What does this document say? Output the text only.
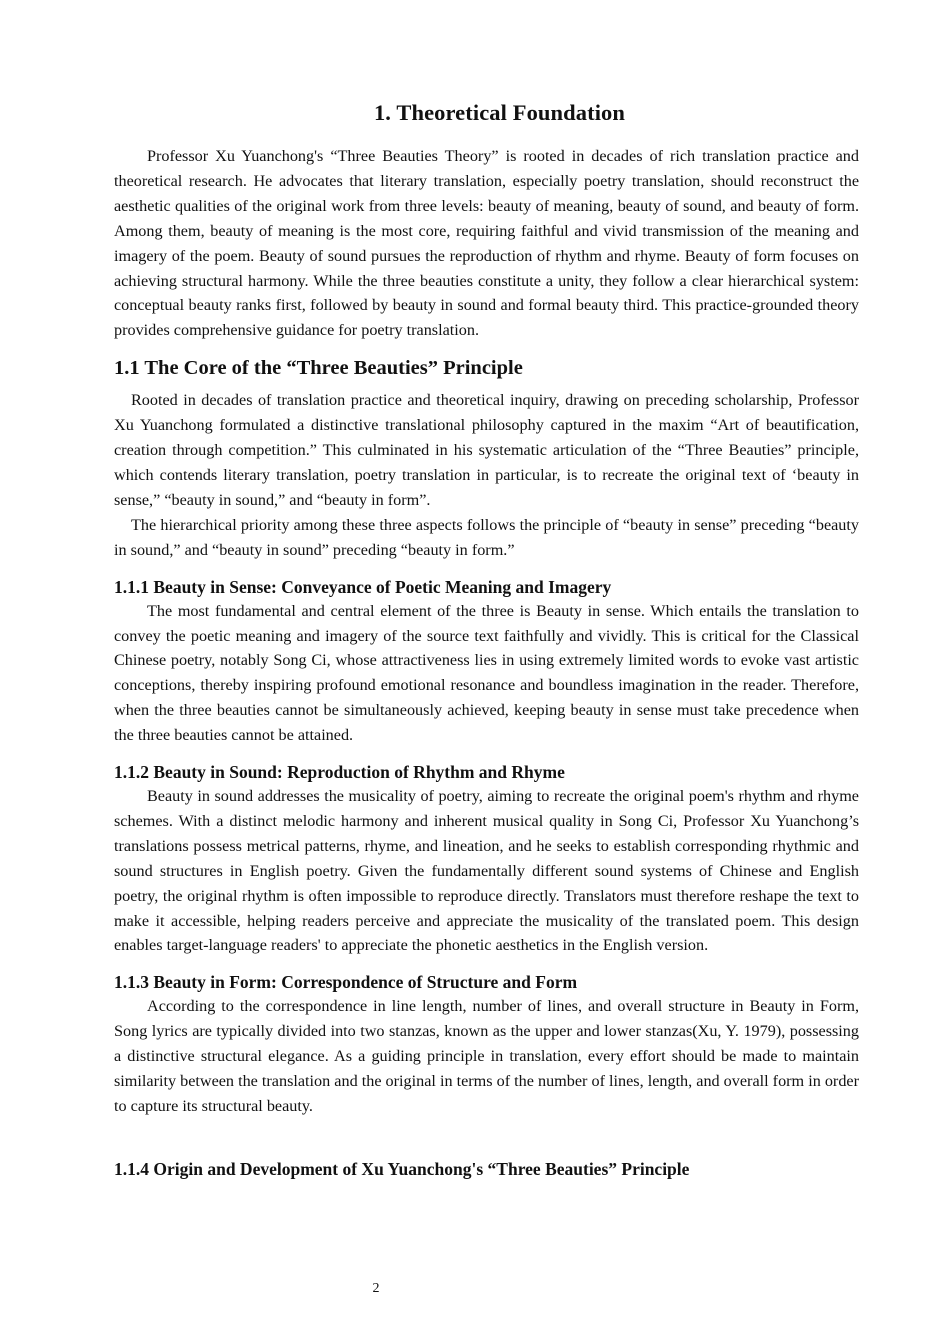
1. Theoretical Foundation

Professor Xu Yuanchong's “Three Beauties Theory” is rooted in decades of rich translation practice and theoretical research. He advocates that literary translation, especially poetry translation, should reconstruct the aesthetic qualities of the original work from three levels: beauty of meaning, beauty of sound, and beauty of form. Among them, beauty of meaning is the most core, requiring faithful and vivid transmission of the meaning and imagery of the poem. Beauty of sound pursues the reproduction of rhythm and rhyme. Beauty of form focuses on achieving structural harmony. While the three beauties constitute a unity, they follow a clear hierarchical system: conceptual beauty ranks first, followed by beauty in sound and formal beauty third. This practice-grounded theory provides comprehensive guidance for poetry translation.

1.1 The Core of the “Three Beauties” Principle

Rooted in decades of translation practice and theoretical inquiry, drawing on preceding scholarship, Professor Xu Yuanchong formulated a distinctive translational philosophy captured in the maxim “Art of beautification, creation through competition.” This culminated in his systematic articulation of the “Three Beauties” principle, which contends literary translation, poetry translation in particular, is to recreate the original text of ‘beauty in sense,” “beauty in sound,” and “beauty in form”.

The hierarchical priority among these three aspects follows the principle of “beauty in sense” preceding “beauty in sound,” and “beauty in sound” preceding “beauty in form.”

1.1.1 Beauty in Sense: Conveyance of Poetic Meaning and Imagery

The most fundamental and central element of the three is Beauty in sense. Which entails the translation to convey the poetic meaning and imagery of the source text faithfully and vividly. This is critical for the Classical Chinese poetry, notably Song Ci, whose attractiveness lies in using extremely limited words to evoke vast artistic conceptions, thereby inspiring profound emotional resonance and boundless imagination in the reader. Therefore, when the three beauties cannot be simultaneously achieved, keeping beauty in sense must take precedence when the three beauties cannot be attained.

1.1.2 Beauty in Sound: Reproduction of Rhythm and Rhyme

Beauty in sound addresses the musicality of poetry, aiming to recreate the original poem's rhythm and rhyme schemes. With a distinct melodic harmony and inherent musical quality in Song Ci, Professor Xu Yuanchong’s translations possess metrical patterns, rhyme, and lineation, and he seeks to establish corresponding rhythmic and sound structures in English poetry. Given the fundamentally different sound systems of Chinese and English poetry, the original rhythm is often impossible to reproduce directly. Translators must therefore reshape the text to make it accessible, helping readers perceive and appreciate the musicality of the translated poem. This design enables target-language readers' to appreciate the phonetic aesthetics in the English version.

1.1.3 Beauty in Form: Correspondence of Structure and Form

According to the correspondence in line length, number of lines, and overall structure in Beauty in Form, Song lyrics are typically divided into two stanzas, known as the upper and lower stanzas(Xu, Y. 1979), possessing a distinctive structural elegance. As a guiding principle in translation, every effort should be made to maintain similarity between the translation and the original in terms of the number of lines, length, and overall form in order to capture its structural beauty.

1.1.4 Origin and Development of Xu Yuanchong's “Three Beauties” Principle
2
